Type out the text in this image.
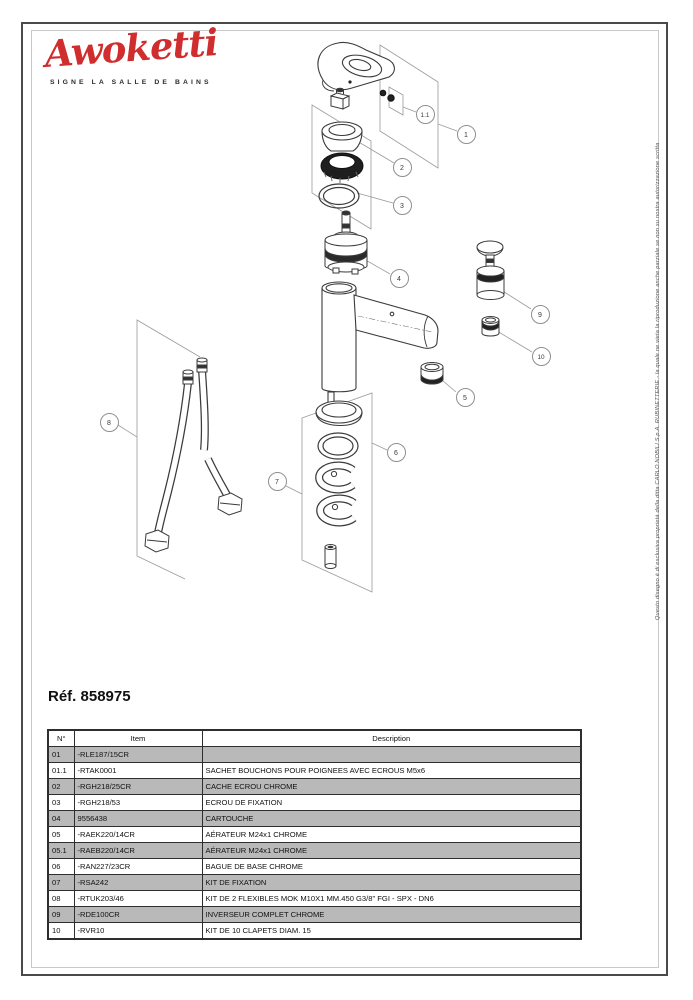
Questo disegno è di esclusiva proprietà della ditta CARLO NOBILI S.p.A. RUBINETTERIE - la quale ne vieta la riproduzione anche parziale se non su nostra autorizzazione scritta
Awoketti
SIGNE LA SALLE DE BAINS
1
1.1
2
3
4
5
6
7
8
9
10
Réf. 858975
N°	Item	Description
01	-RLE187/15CR	
01.1	-RTAK0001	SACHET BOUCHONS POUR POIGNEES AVEC ECROUS M5x6
02	-RGH218/25CR	CACHE ECROU CHROME
03	-RGH218/53	ECROU DE FIXATION
04	9556438	CARTOUCHE
05	-RAEK220/14CR	AÉRATEUR M24x1 CHROME
05.1	-RAEB220/14CR	AÉRATEUR M24x1 CHROME
06	-RAN227/23CR	BAGUE DE BASE CHROME
07	-RSA242	KIT DE FIXATION
08	-RTUK203/46	KIT DE 2 FLEXIBLES MOK M10X1 MM.450 G3/8" FGI - SPX - DN6
09	-RDE100CR	INVERSEUR COMPLET CHROME
10	-RVR10	KIT DE 10 CLAPETS DIAM. 15
